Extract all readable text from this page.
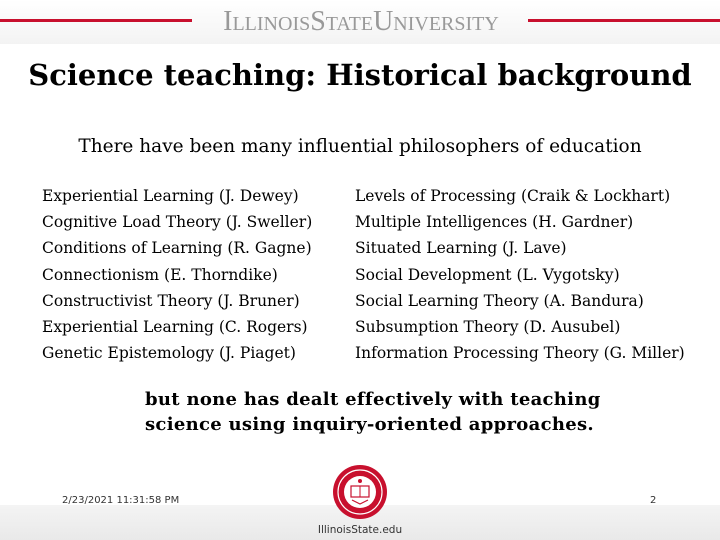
IllinoisStateUniversity
Science teaching: Historical background
There have been many influential philosophers of education
Experiential Learning (J. Dewey)
Cognitive Load Theory (J. Sweller)
Conditions of Learning (R. Gagne)
Connectionism (E. Thorndike)
Constructivist Theory (J. Bruner)
Experiential Learning (C. Rogers)
Genetic Epistemology (J. Piaget)
Levels of Processing (Craik & Lockhart)
Multiple Intelligences (H. Gardner)
Situated Learning (J. Lave)
Social Development (L. Vygotsky)
Social Learning Theory (A. Bandura)
Subsumption Theory (D. Ausubel)
Information Processing Theory (G. Miller)
but none has dealt effectively with teaching
science using inquiry-oriented approaches.
2/23/2021 11:31:58 PM	2
IllinoisState.edu
